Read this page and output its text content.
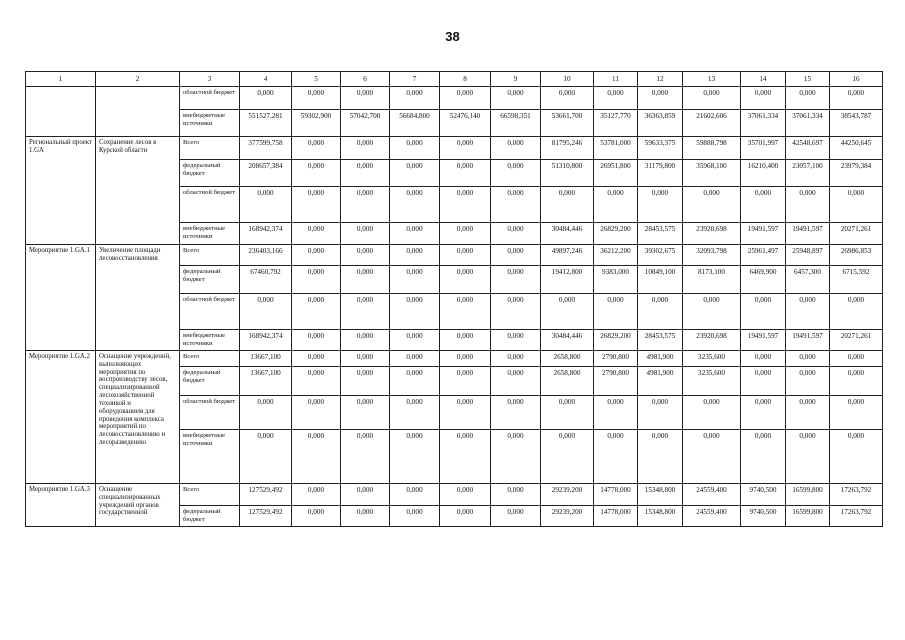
38
1	2	3	4	5	6	7	8	9	10	11	12	13	14	15	16
		областной бюджет	0,000	0,000	0,000	0,000	0,000	0,000	0,000	0,000	0,000	0,000	0,000	0,000	0,000
		внебюджетные источники	551527,281	59302,900	57042,700	56684,800	52476,140	66598,351	53661,700	35127,770	36363,859	21602,606	37061,334	37061,334	38543,787
Региональный проект 1.GA	Сохранение лесов в Курской области	Всего	377599,758	0,000	0,000	0,000	0,000	0,000	81795,246	53781,000	59633,375	59888,798	35701,997	42548,697	44250,645
		федеральный бюджет	208657,384	0,000	0,000	0,000	0,000	0,000	51310,800	26951,800	31179,800	35968,100	16210,400	23057,100	23979,384
		областной бюджет	0,000	0,000	0,000	0,000	0,000	0,000	0,000	0,000	0,000	0,000	0,000	0,000	0,000
		внебюджетные источники	168942,374	0,000	0,000	0,000	0,000	0,000	30484,446	26829,200	28453,575	23920,698	19491,597	19491,597	20271,261
Мероприятие 1.GA.1	Увеличение площади лесовосстановления	Всего	236403,166	0,000	0,000	0,000	0,000	0,000	49897,246	36212,200	39302,675	32093,798	25961,497	25948,897	26986,853
		федеральный бюджет	67460,792	0,000	0,000	0,000	0,000	0,000	19412,800	9383,000	10849,100	8173,100	6469,900	6457,300	6715,592
		областной бюджет	0,000	0,000	0,000	0,000	0,000	0,000	0,000	0,000	0,000	0,000	0,000	0,000	0,000
		внебюджетные источники	168942,374	0,000	0,000	0,000	0,000	0,000	30484,446	26829,200	28453,575	23920,698	19491,597	19491,597	20271,261
Мероприятие 1.GA.2	Оснащение учреждений, выполняющих мероприятия по воспроизводству лесов, специализированной лесохозяйственной техникой и оборудованием для проведения комплекса мероприятий по лесовосстановлению и лесоразведению	Всего	13667,100	0,000	0,000	0,000	0,000	0,000	2658,800	2790,800	4981,900	3235,600	0,000	0,000	0,000
		федеральный бюджет	13667,100	0,000	0,000	0,000	0,000	0,000	2658,800	2790,800	4981,900	3235,600	0,000	0,000	0,000
		областной бюджет	0,000	0,000	0,000	0,000	0,000	0,000	0,000	0,000	0,000	0,000	0,000	0,000	0,000
		внебюджетные источники	0,000	0,000	0,000	0,000	0,000	0,000	0,000	0,000	0,000	0,000	0,000	0,000	0,000
Мероприятие 1.GA.3	Оснащение специализированных учреждений органов государственной	Всего	127529,492	0,000	0,000	0,000	0,000	0,000	29239,200	14778,000	15348,800	24559,400	9740,500	16599,800	17263,792
		федеральный бюджет	127529,492	0,000	0,000	0,000	0,000	0,000	29239,200	14778,000	15348,800	24559,400	9740,500	16599,800	17263,792
